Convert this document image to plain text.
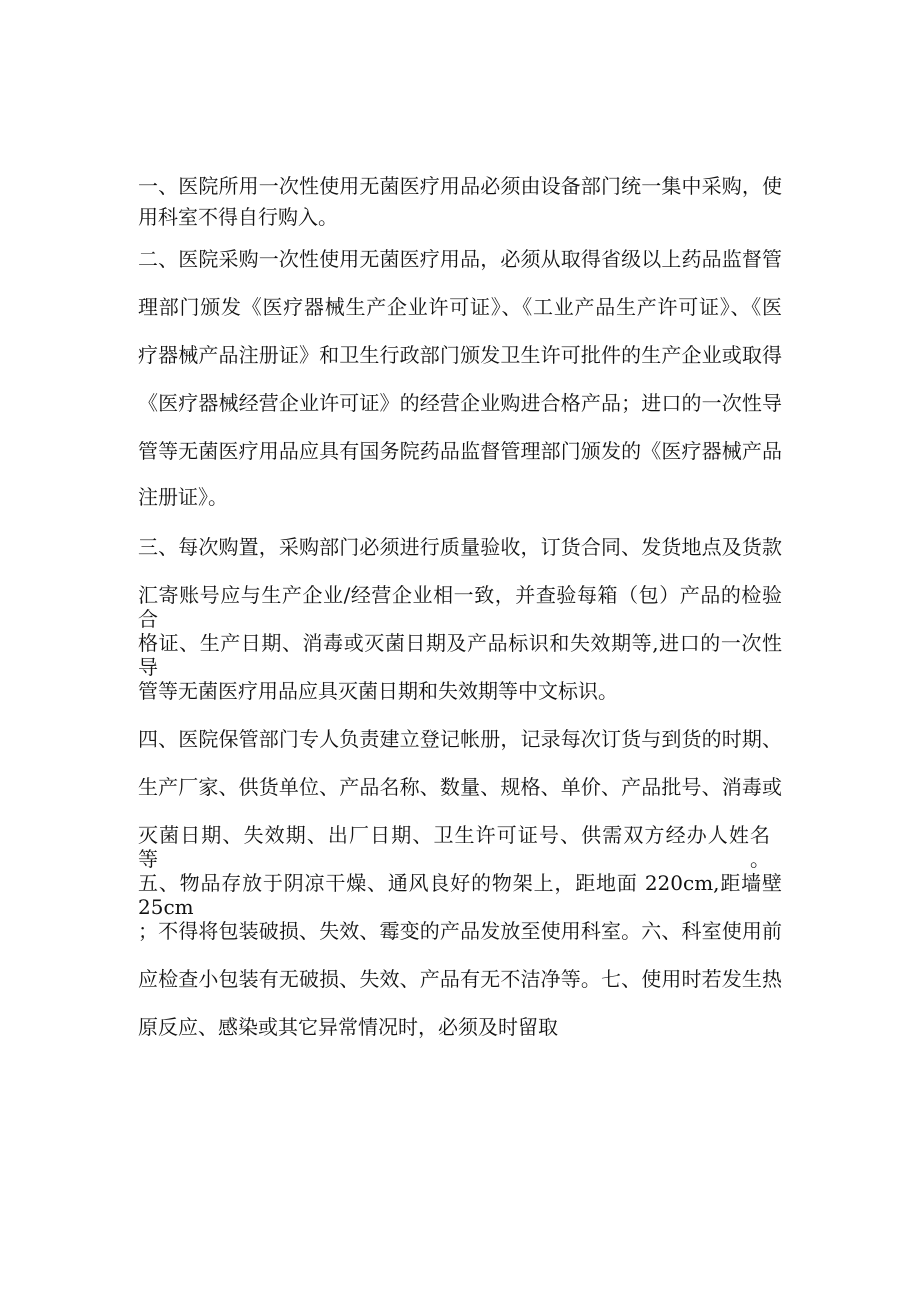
一、医院所用一次性使用无菌医疗用品必须由设备部门统一集中采购，使
用科室不得自行购入。
二、医院采购一次性使用无菌医疗用品，必须从取得省级以上药品监督管
理部门颁发《医疗器械生产企业许可证》、《工业产品生产许可证》、《医
疗器械产品注册证》和卫生行政部门颁发卫生许可批件的生产企业或取得
《医疗器械经营企业许可证》的经营企业购进合格产品；进口的一次性导
管等无菌医疗用品应具有国务院药品监督管理部门颁发的《医疗器械产品
注册证》。
三、每次购置，采购部门必须进行质量验收，订货合同、发货地点及货款
汇寄账号应与生产企业/经营企业相一致，并查验每箱（包）产品的检验合
格证、生产日期、消毒或灭菌日期及产品标识和失效期等,进口的一次性导
管等无菌医疗用品应具灭菌日期和失效期等中文标识。
四、医院保管部门专人负责建立登记帐册，记录每次订货与到货的时期、
生产厂家、供货单位、产品名称、数量、规格、单价、产品批号、消毒或
灭菌日期、失效期、出厂日期、卫生许可证号、供需双方经办人姓名等。
五、物品存放于阴凉干燥、通风良好的物架上，距地面 220cm,距墙壁 25cm
；不得将包装破损、失效、霉变的产品发放至使用科室。六、科室使用前
应检查小包装有无破损、失效、产品有无不洁净等。七、使用时若发生热
原反应、感染或其它异常情况时，必须及时留取
